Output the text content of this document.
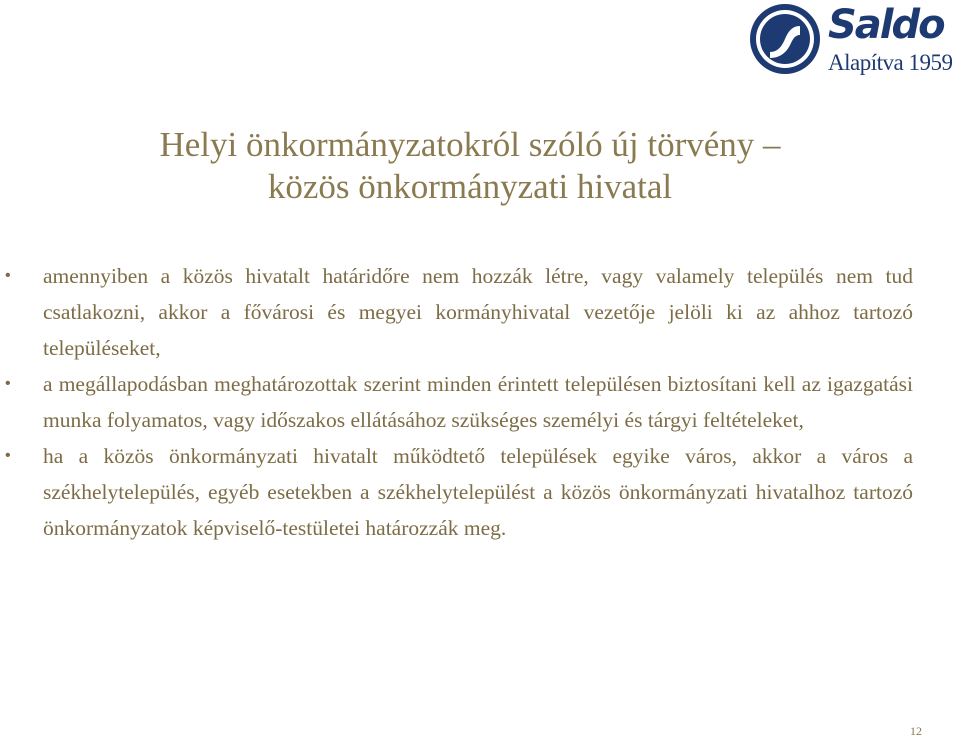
Saldo
Alapítva 1959
Helyi önkormányzatokról szóló új törvény –
közös önkormányzati hivatal
• amennyiben a közös hivatalt határidőre nem hozzák létre, vagy valamely település nem tud csatlakozni, akkor a fővárosi és megyei kormányhivatal vezetője jelöli ki az ahhoz tartozó településeket,
• a megállapodásban meghatározottak szerint minden érintett településen biztosítani kell az igazgatási munka folyamatos, vagy időszakos ellátásához szükséges személyi és tárgyi feltételeket,
• ha a közös önkormányzati hivatalt működtető települések egyike város, akkor a város a székhelytelepülés, egyéb esetekben a székhelytelepülést a közös önkormányzati hivatalhoz tartozó önkormányzatok képviselő-testületei határozzák meg.
12
